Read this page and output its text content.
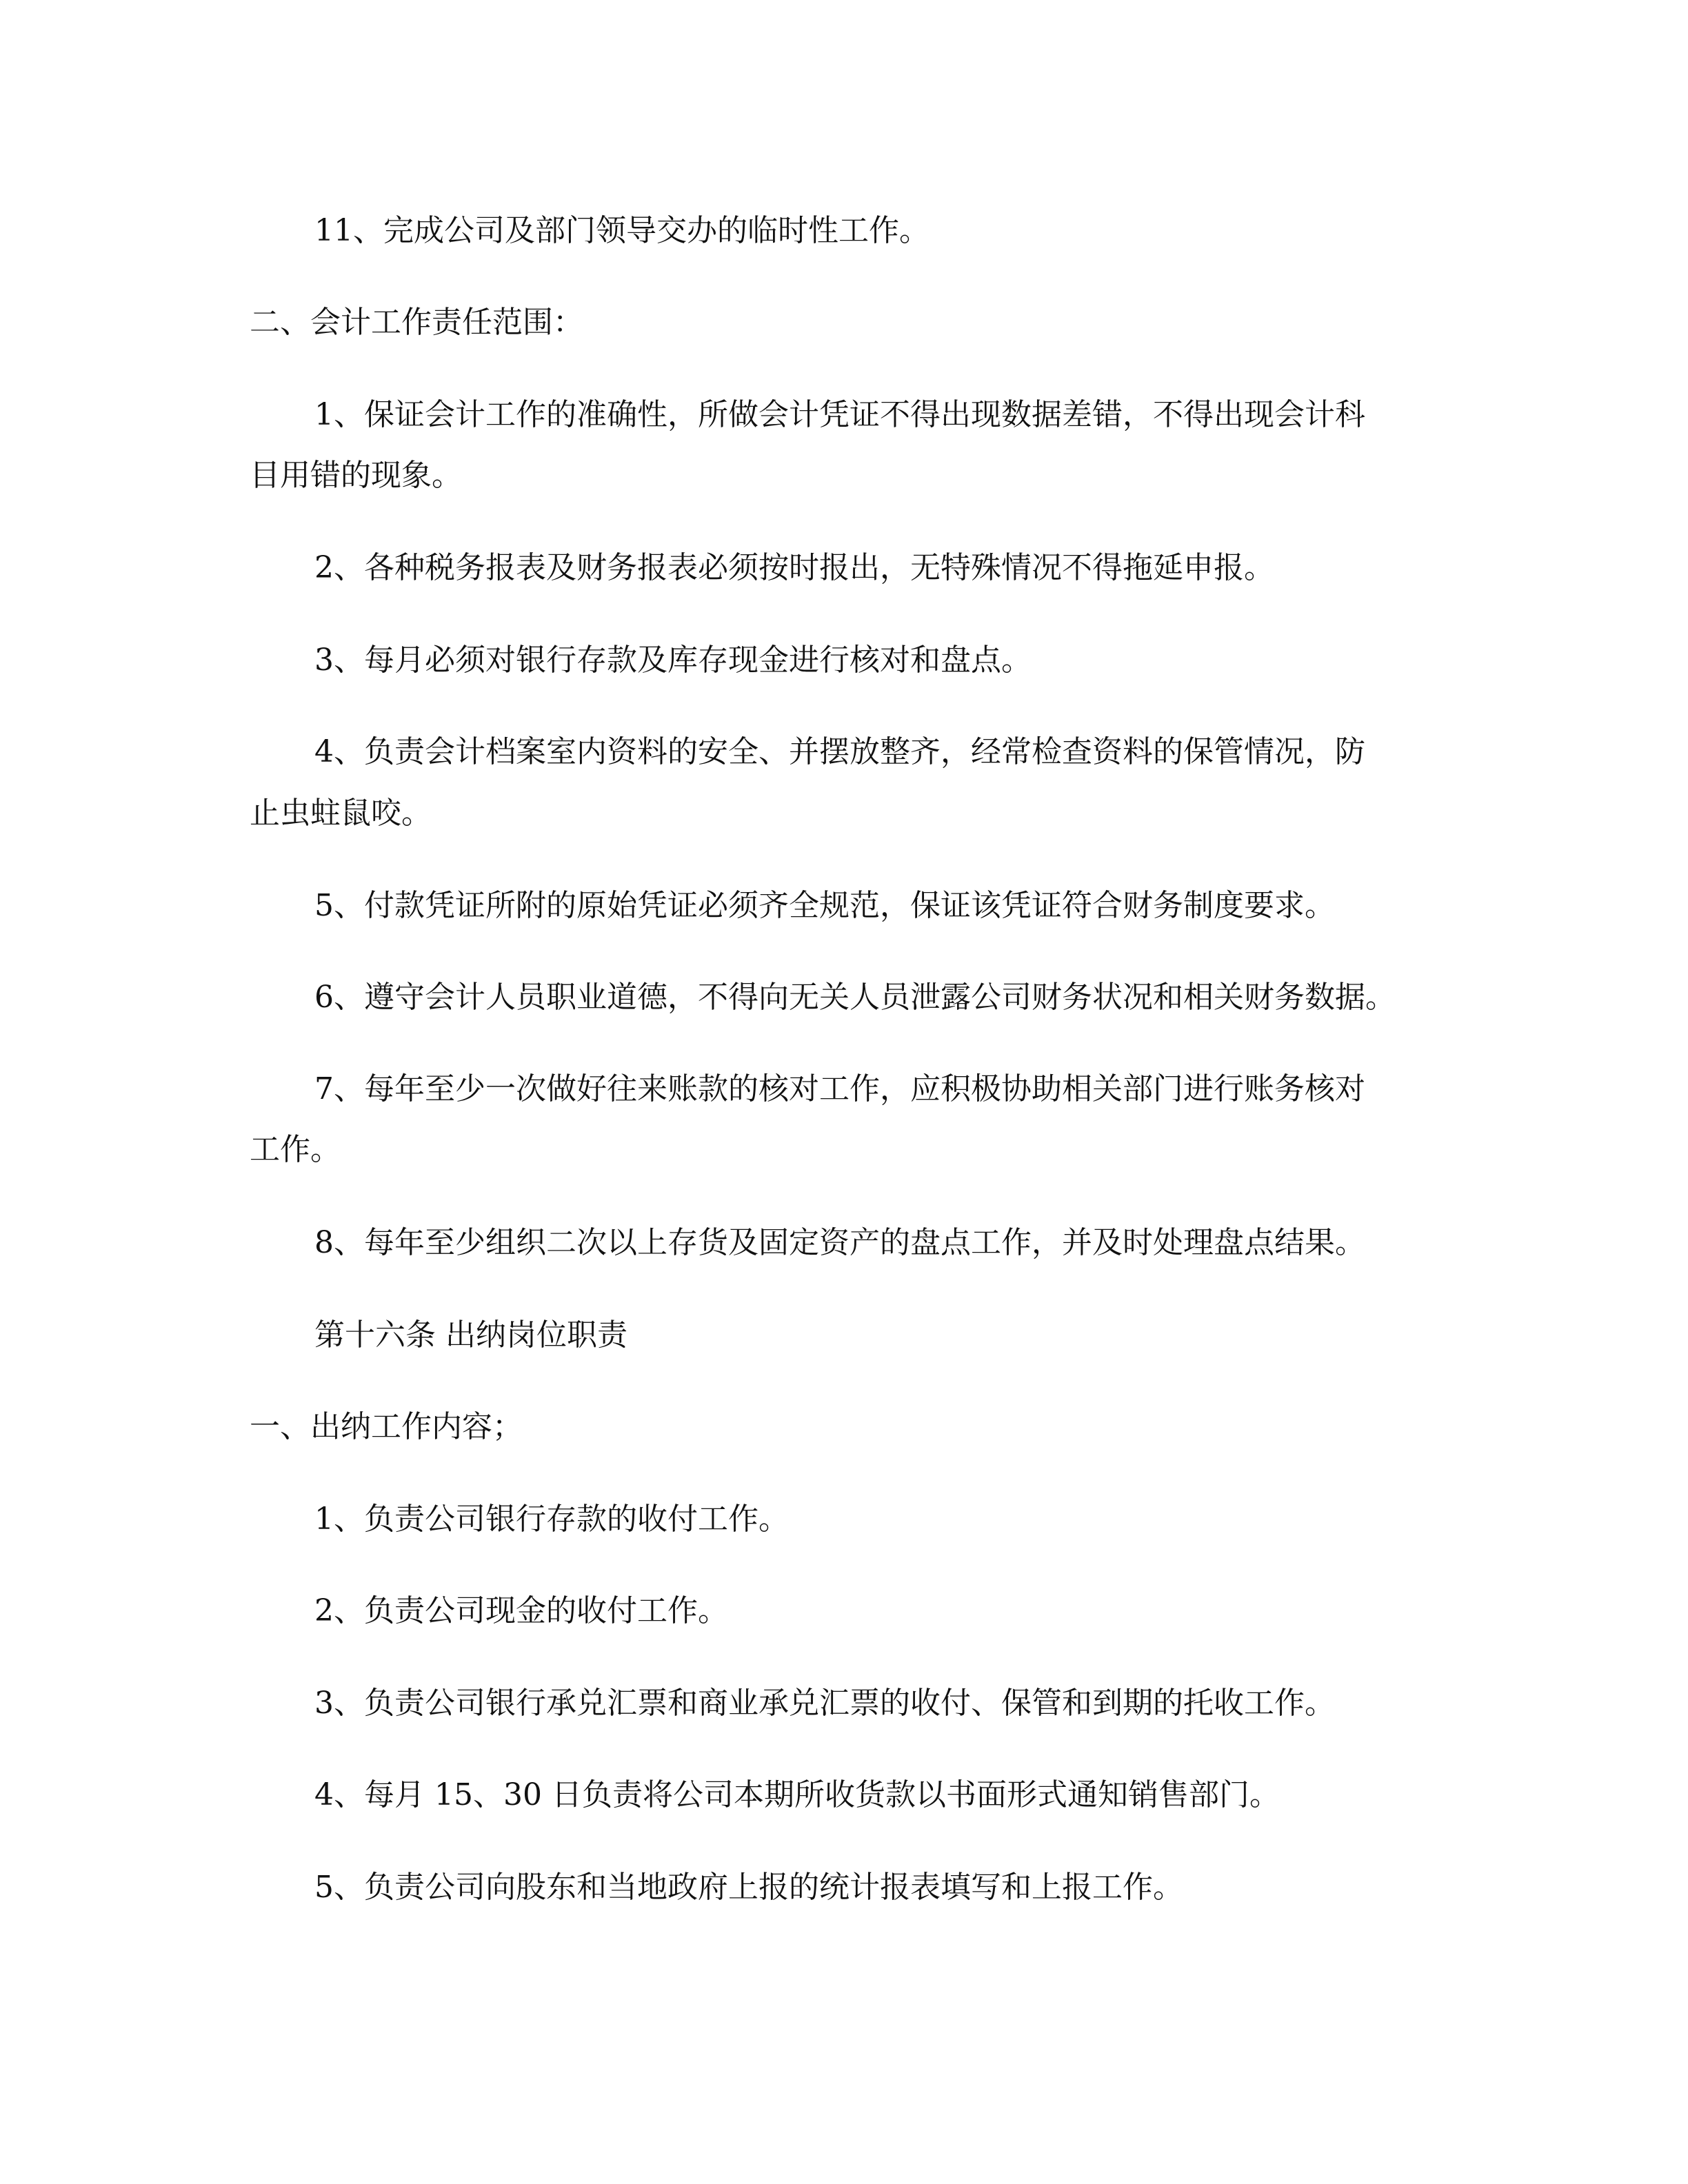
11、完成公司及部门领导交办的临时性工作。
二、会计工作责任范围：
1、保证会计工作的准确性，所做会计凭证不得出现数据差错，不得出现会计科
目用错的现象。
2、各种税务报表及财务报表必须按时报出，无特殊情况不得拖延申报。
3、每月必须对银行存款及库存现金进行核对和盘点。
4、负责会计档案室内资料的安全、并摆放整齐，经常检查资料的保管情况，防
止虫蛀鼠咬。
5、付款凭证所附的原始凭证必须齐全规范，保证该凭证符合财务制度要求。
6、遵守会计人员职业道德，不得向无关人员泄露公司财务状况和相关财务数据。
7、每年至少一次做好往来账款的核对工作，应积极协助相关部门进行账务核对
工作。
8、每年至少组织二次以上存货及固定资产的盘点工作，并及时处理盘点结果。
第十六条 出纳岗位职责
一、出纳工作内容；
1、负责公司银行存款的收付工作。
2、负责公司现金的收付工作。
3、负责公司银行承兑汇票和商业承兑汇票的收付、保管和到期的托收工作。
4、每月 15、30 日负责将公司本期所收货款以书面形式通知销售部门。
5、负责公司向股东和当地政府上报的统计报表填写和上报工作。
